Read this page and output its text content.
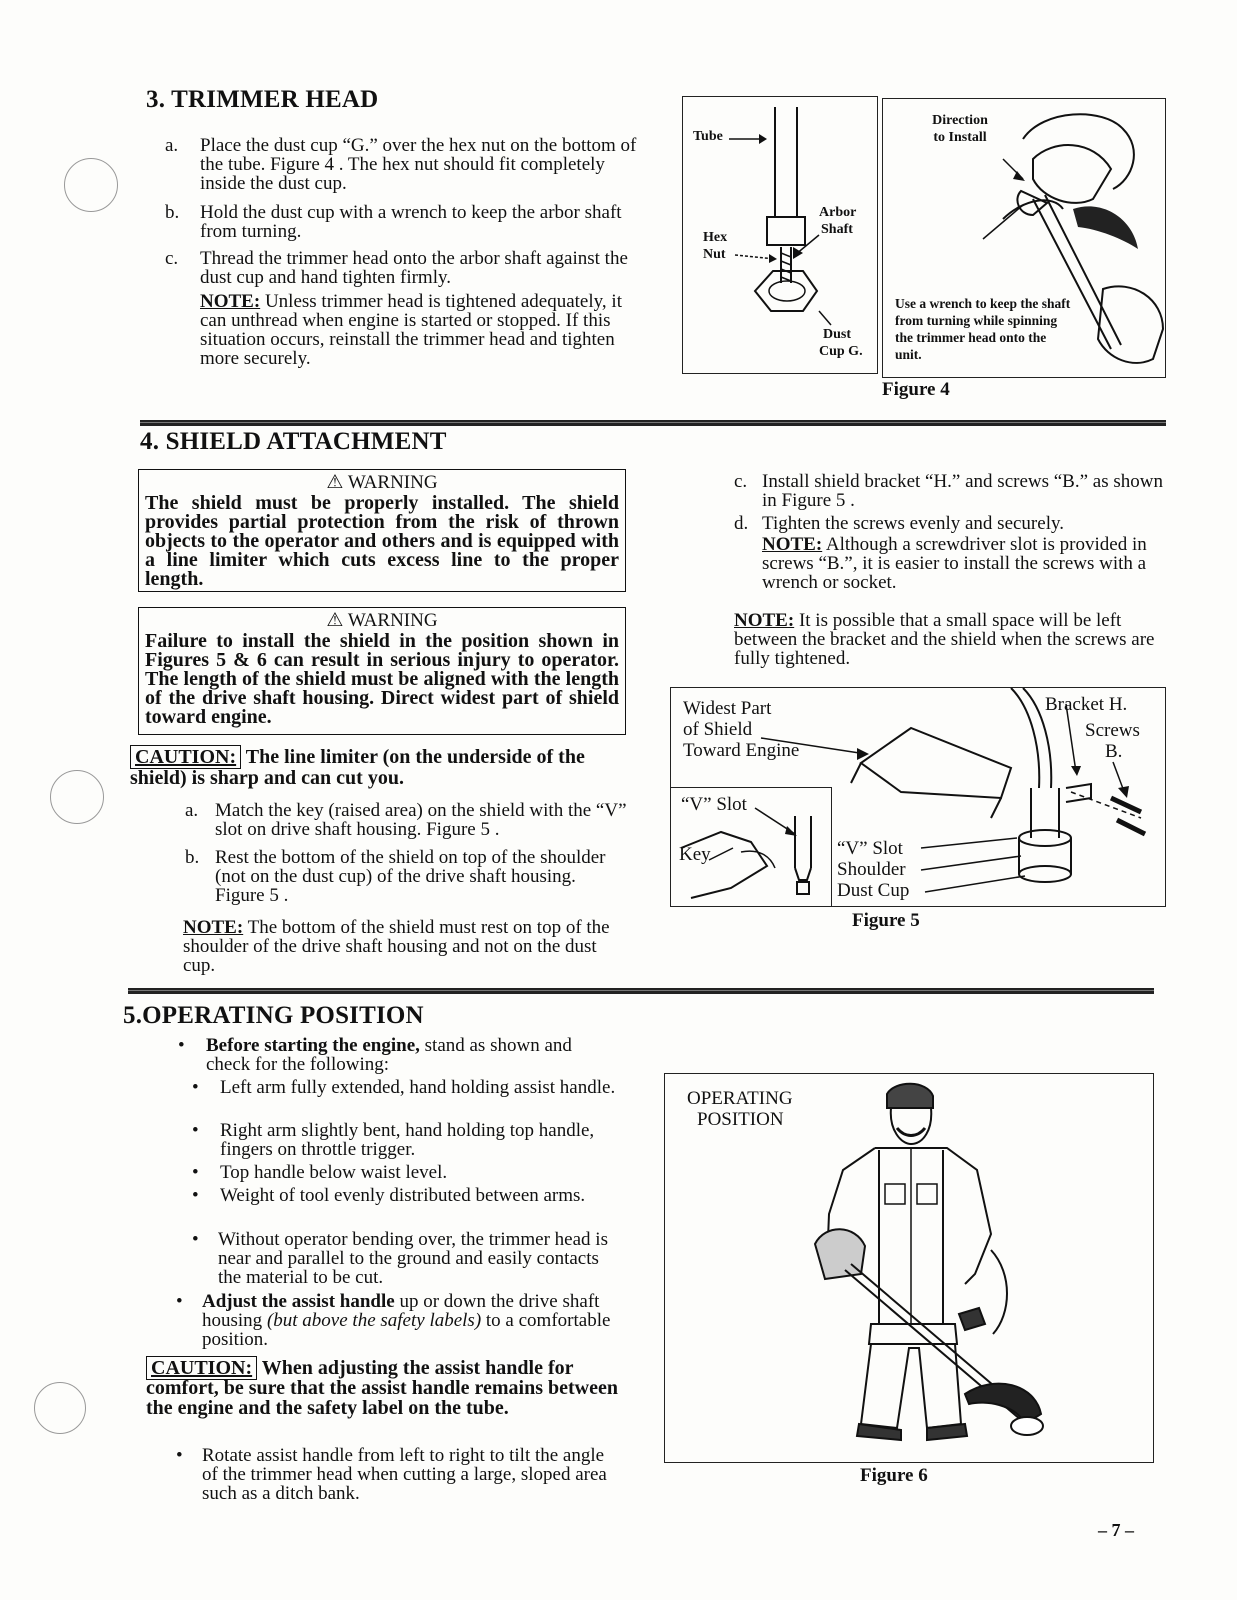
3. TRIMMER HEAD
a. Place the dust cup “G.” over the hex nut on the bottom of the tube. Figure 4 . The hex nut should fit completely inside the dust cup.
b. Hold the dust cup with a wrench to keep the arbor shaft from turning.
c. Thread the trimmer head onto the arbor shaft against the dust cup and hand tighten firmly.
NOTE: Unless trimmer head is tightened adequately, it can unthread when engine is started or stopped. If this situation occurs, reinstall the trimmer head and tighten more securely.
Tube
Hex
Nut
Arbor
Shaft
Dust
Cup G.
Direction
to Install
Use a wrench to keep the shaft from turning while spinning the trimmer head onto the unit.
Figure 4
4. SHIELD ATTACHMENT
⚠ WARNING
The shield must be properly installed. The shield provides partial protection from the risk of thrown objects to the operator and others and is equipped with a line limiter which cuts excess line to the proper length.
⚠ WARNING
Failure to install the shield in the position shown in Figures 5 & 6 can result in serious injury to operator. The length of the shield must be aligned with the length of the drive shaft housing. Direct widest part of shield toward engine.
CAUTION: The line limiter (on the underside of the shield) is sharp and can cut you.
a. Match the key (raised area) on the shield with the “V” slot on drive shaft housing. Figure 5 .
b. Rest the bottom of the shield on top of the shoulder (not on the dust cup) of the drive shaft housing. Figure 5 .
NOTE: The bottom of the shield must rest on top of the shoulder of the drive shaft housing and not on the dust cup.
c. Install shield bracket “H.” and screws “B.” as shown in Figure 5 .
d. Tighten the screws evenly and securely.
NOTE: Although a screwdriver slot is provided in screws “B.”, it is easier to install the screws with a wrench or socket.
NOTE: It is possible that a small space will be left between the bracket and the shield when the screws are fully tightened.
Widest Part
of Shield
Toward Engine
Bracket H.
Screws
B.
“V” Slot
Key	“V” Slot
Shoulder
Dust Cup
Figure 5
5.OPERATING POSITION
• Before starting the engine, stand as shown and check for the following:
• Left arm fully extended, hand holding assist handle.
• Right arm slightly bent, hand holding top handle, fingers on throttle trigger.
• Top handle below waist level.
• Weight of tool evenly distributed between arms.
• Without operator bending over, the trimmer head is near and parallel to the ground and easily contacts the material to be cut.
• Adjust the assist handle up or down the drive shaft housing (but above the safety labels) to a comfortable position.
CAUTION: When adjusting the assist handle for comfort, be sure that the assist handle remains between the engine and the safety label on the tube.
• Rotate assist handle from left to right to tilt the angle of the trimmer head when cutting a large, sloped area such as a ditch bank.
OPERATING
POSITION
Figure 6
– 7 –
